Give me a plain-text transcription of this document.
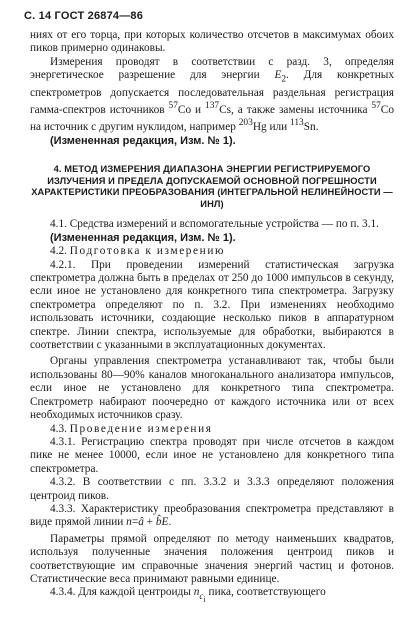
С. 14 ГОСТ 26874—86

ниях от его торца, при которых количество отсчетов в максимумах обоих пиков примерно одинаковы.

Измерения проводят в соответствии с разд. 3, определяя энергетическое разрешение для энергии $E_2$. Для конкретных спектрометров допускается последовательная раздельная регистрация гамма-спектров источников $^{57}$Co и $^{137}$Cs, а также замены источника $^{57}$Co на источник с другим нуклидом, например $^{203}$Hg или $^{113}$Sn.

(Измененная редакция, Изм. № 1).

4. МЕТОД ИЗМЕРЕНИЯ ДИАПАЗОНА ЭНЕРГИИ РЕГИСТРИРУЕМОГО ИЗЛУЧЕНИЯ И ПРЕДЕЛА ДОПУСКАЕМОЙ ОСНОВНОЙ ПОГРЕШНОСТИ ХАРАКТЕРИСТИКИ ПРЕОБРАЗОВАНИЯ (ИНТЕГРАЛЬНОЙ НЕЛИНЕЙНОСТИ — ИНЛ)

4.1. Средства измерений и вспомогательные устройства — по п. 3.1.

(Измененная редакция, Изм. № 1).

4.2. Подготовка к измерению

4.2.1. При проведении измерений статистическая загрузка спектрометра должна быть в пределах от 250 до 1000 импульсов в секунду, если иное не установлено для конкретного типа спектрометра. Загрузку спектрометра определяют по п. 3.2. При изменениях необходимо использовать источники, создающие несколько пиков в аппаратурном спектре. Линии спектра, используемые для обработки, выбираются в соответствии с указанными в эксплуатационных документах.

Органы управления спектрометра устанавливают так, чтобы были использованы 80—90% каналов многоканального анализатора импульсов, если иное не установлено для конкретного типа спектрометра. Спектрометр набирают поочередно от каждого источника или от всех необходимых источников сразу.

4.3. Проведение измерения

4.3.1. Регистрацию спектра проводят при числе отсчетов в каждом пике не менее 10000, если иное не установлено для конкретного типа спектрометра.

4.3.2. В соответствии с пп. 3.3.2 и 3.3.3 определяют положения центроид пиков.

4.3.3. Характеристику преобразования спектрометра представляют в виде прямой линии n=â + b̂E.

Параметры прямой определяют по методу наименьших квадратов, используя полученные значения положения центроид пиков и соответствующие им справочные значения энергий частиц и фотонов. Статистические веса принимают равными единице.

4.3.4. Для каждой центроиды $n_{c_i}$ пика, соответствующего
